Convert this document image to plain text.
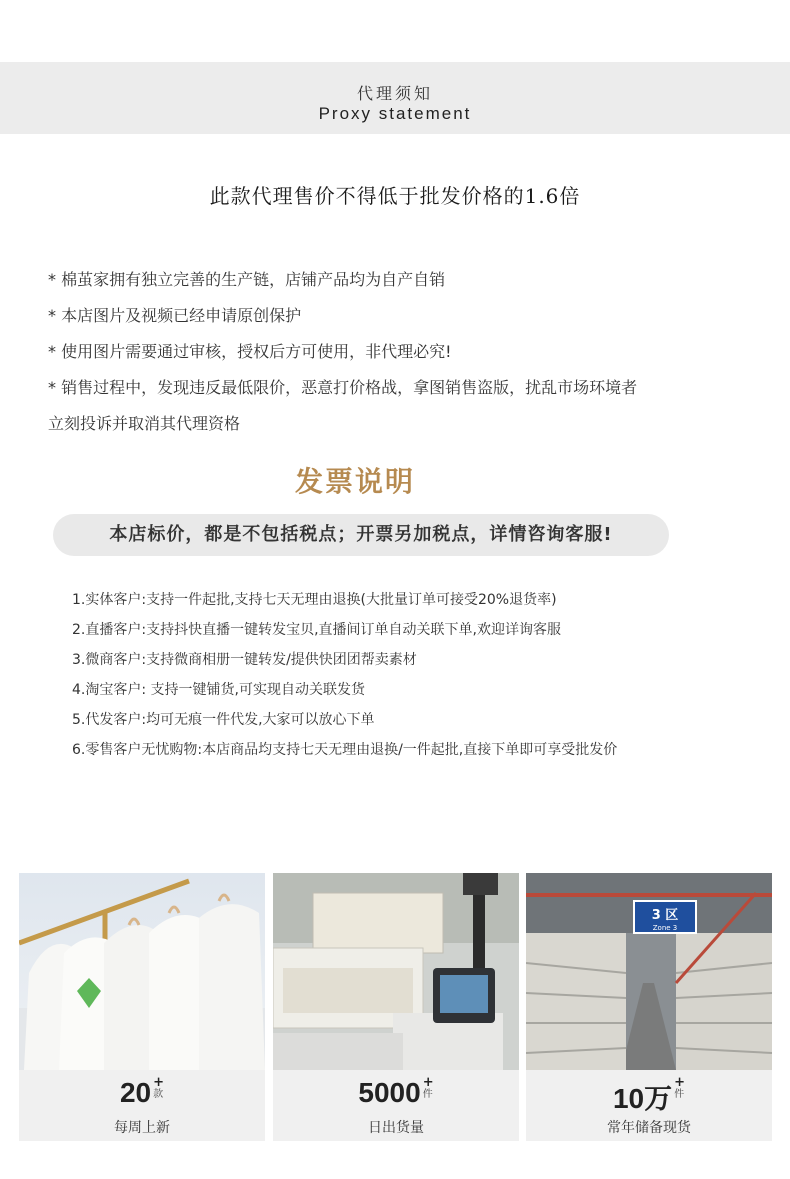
代理须知
Proxy statement
此款代理售价不得低于批发价格的1.6倍
* 棉茧家拥有独立完善的生产链，店铺产品均为自产自销
* 本店图片及视频已经申请原创保护
* 使用图片需要通过审核，授权后方可使用，非代理必究!
* 销售过程中，发现违反最低限价，恶意打价格战，拿图销售盗版，扰乱市场环境者
立刻投诉并取消其代理资格
发票说明
本店标价，都是不包括税点；开票另加税点，详情咨询客服!
1.实体客户:支持一件起批,支持七天无理由退换(大批量订单可接受20%退货率)
2.直播客户:支持抖快直播一键转发宝贝,直播间订单自动关联下单,欢迎详询客服
3.微商客户:支持微商相册一键转发/提供快团团帮卖素材
4.淘宝客户: 支持一键铺货,可实现自动关联发货
5.代发客户:均可无痕一件代发,大家可以放心下单
6.零售客户无忧购物:本店商品均支持七天无理由退换/一件起批,直接下单即可享受批发价
20 +
款
每周上新
5000 +
件
日出货量
3 区
Zone 3
10万
+
件
常年储备现货
